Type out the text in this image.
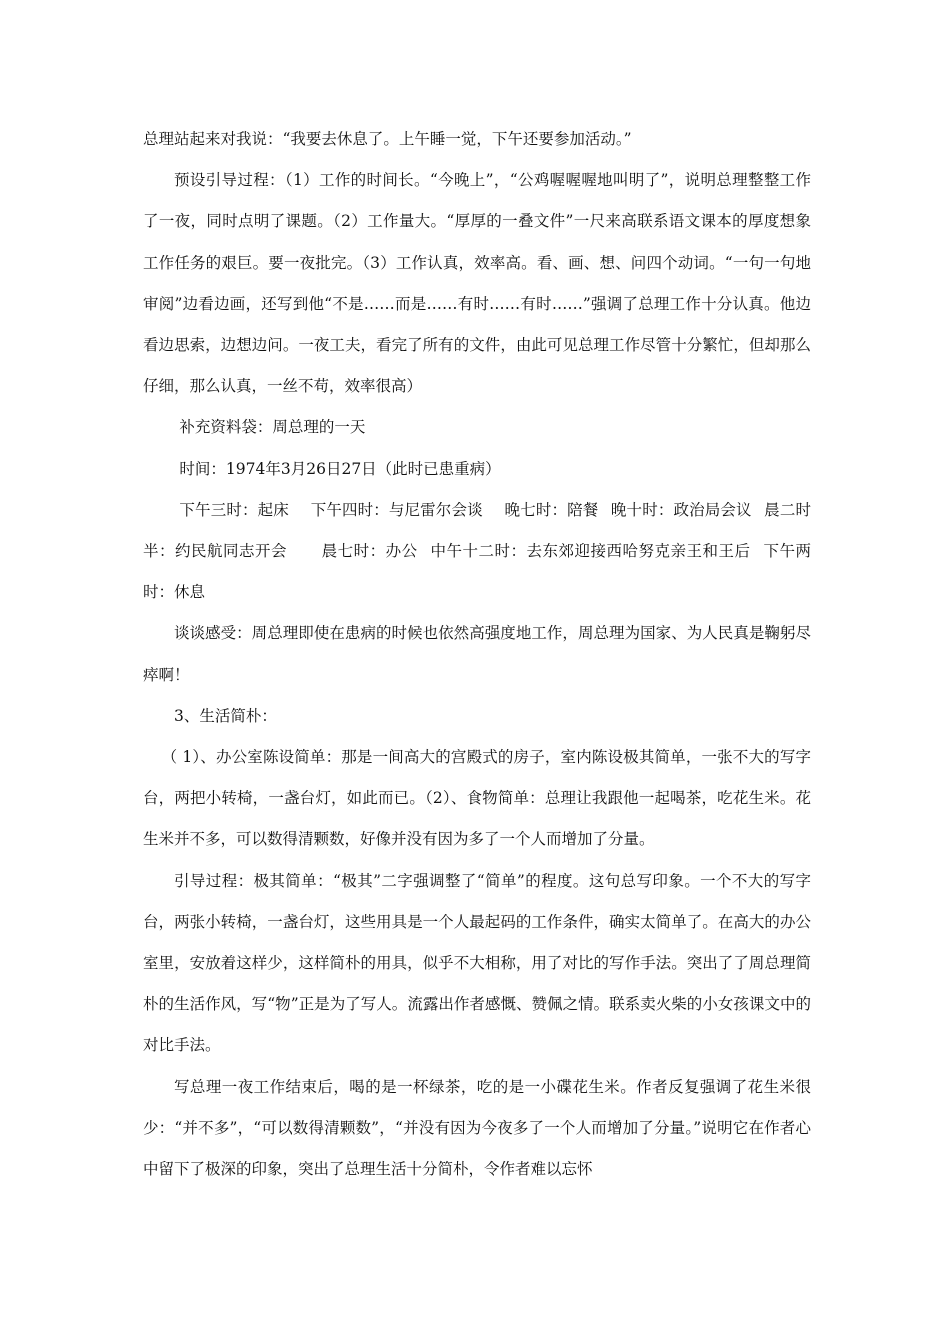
总理站起来对我说：“我要去休息了。上午睡一觉，下午还要参加活动。”

预设引导过程：（1）工作的时间长。“今晚上”，“公鸡喔喔喔地叫明了”，说明总理整整工作了一夜，同时点明了课题。（2）工作量大。“厚厚的一叠文件”一尺来高联系语文课本的厚度想象工作任务的艰巨。要一夜批完。（3）工作认真，效率高。看、画、想、问四个动词。“一句一句地审阅”边看边画，还写到他“不是……而是……有时……有时……”强调了总理工作十分认真。他边看边思索，边想边问。一夜工夫，看完了所有的文件，由此可见总理工作尽管十分繁忙，但却那么仔细，那么认真，一丝不苟，效率很高）

补充资料袋：周总理的一天

时间：1974年3月26日27日（此时已患重病）

下午三时：起床 下午四时：与尼雷尔会谈 晚七时：陪餐 晚十时：政治局会议 晨二时半：约民航同志开会 晨七时：办公 中午十二时：去东郊迎接西哈努克亲王和王后 下午两时：休息

谈谈感受：周总理即使在患病的时候也依然高强度地工作，周总理为国家、为人民真是鞠躬尽瘁啊！

3、生活简朴：

（ 1）、办公室陈设简单：那是一间高大的宫殿式的房子，室内陈设极其简单，一张不大的写字台，两把小转椅，一盏台灯，如此而已。（2）、食物简单：总理让我跟他一起喝茶，吃花生米。花生米并不多，可以数得清颗数，好像并没有因为多了一个人而增加了分量。

引导过程：极其简单：“极其”二字强调整了“简单”的程度。这句总写印象。一个不大的写字台，两张小转椅，一盏台灯，这些用具是一个人最起码的工作条件，确实太简单了。在高大的办公室里，安放着这样少，这样简朴的用具，似乎不大相称，用了对比的写作手法。突出了了周总理简朴的生活作风，写“物”正是为了写人。流露出作者感慨、赞佩之情。联系卖火柴的小女孩课文中的对比手法。

写总理一夜工作结束后，喝的是一杯绿茶，吃的是一小碟花生米。作者反复强调了花生米很少：“并不多”，“可以数得清颗数”，“并没有因为今夜多了一个人而增加了分量。”说明它在作者心中留下了极深的印象，突出了总理生活十分简朴，令作者难以忘怀
